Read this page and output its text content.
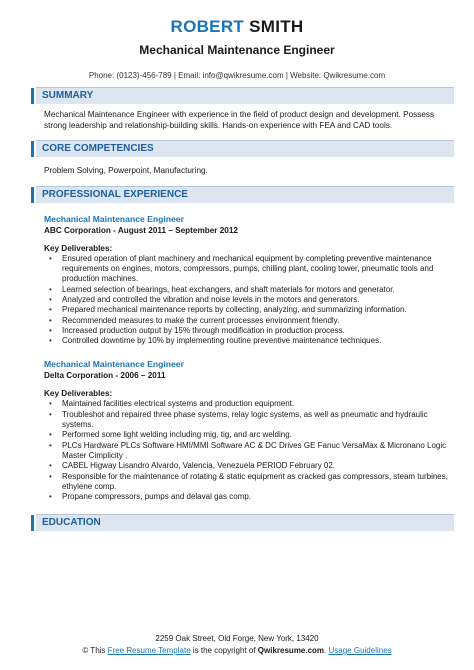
ROBERT SMITH
Mechanical Maintenance Engineer
Phone: (0123)-456-789 | Email: info@qwikresume.com | Website: Qwikresume.com
SUMMARY
Mechanical Maintenance Engineer with experience in the field of product design and development. Possess strong leadership and relationship-building skills. Hands-on experience with FEA and CAD tools.
CORE COMPETENCIES
Problem Solving, Powerpoint, Manufacturing.
PROFESSIONAL EXPERIENCE
Mechanical Maintenance Engineer
ABC Corporation - August 2011 – September 2012
Key Deliverables:
• Ensured operation of plant machinery and mechanical equipment by completing preventive maintenance requirements on engines, motors, compressors, pumps, chilling plant, cooling tower, pneumatic tools and production machines.
• Learned selection of bearings, heat exchangers, and shaft materials for motors and generator.
• Analyzed and controlled the vibration and noise levels in the motors and generators.
• Prepared mechanical maintenance reports by collecting, analyzing, and summarizing information.
• Recommended measures to make the current processes environment friendly.
• Increased production output by 15% through modification in production process.
• Controlled downtime by 10% by implementing routine preventive maintenance techniques.
Mechanical Maintenance Engineer
Delta Corporation - 2006 – 2011
Key Deliverables:
• Maintained facilities electrical systems and production equipment.
• Troubleshot and repaired three phase systems, relay logic systems, as well as pneumatic and hydraulic systems.
• Performed some light welding including mig, tig, and arc welding.
• PLCs Hardware PLCs Software HMI/MMI Software AC & DC Drives GE Fanuc VersaMax & Micronano Logic Master Cimplicity .
• CABEL Higway Lisandro Alvardo, Valencia, Venezuela PERIOD February 02.
• Responsible for the maintenance of rotating & static equipment as cracked gas compressors, steam turbines, ethylene comp.
• Propane compressors, pumps and delaval gas comp.
EDUCATION
2259 Oak Street, Old Forge, New York, 13420
© This Free Resume Template is the copyright of Qwikresume.com. Usage Guidelines
